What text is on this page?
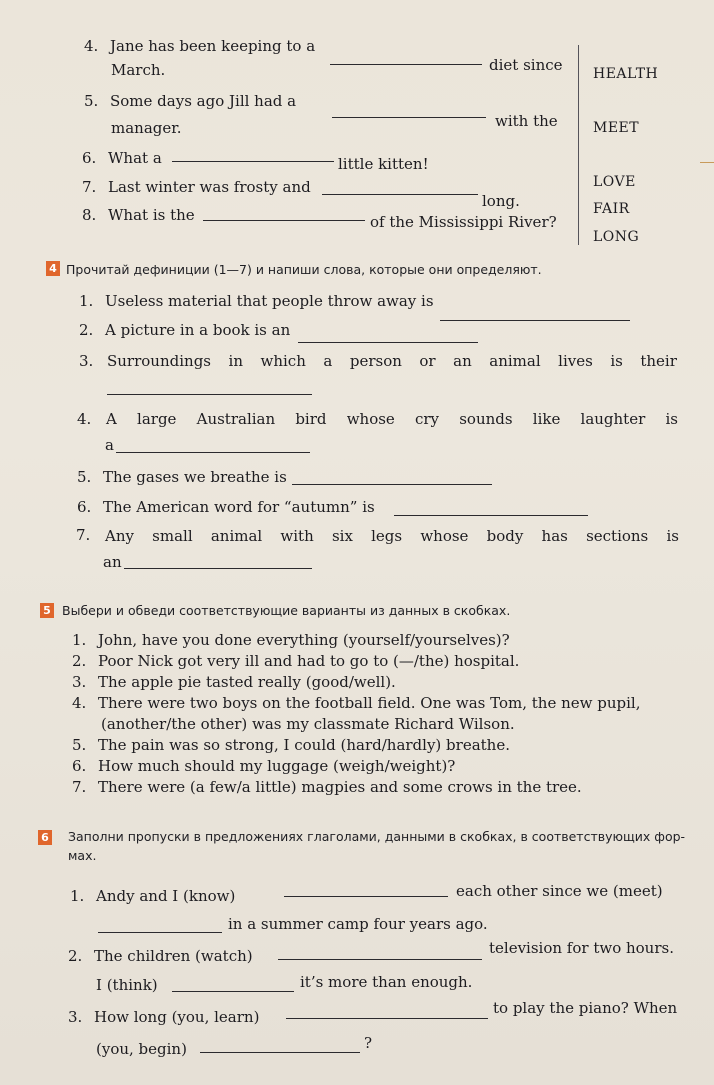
4. Jane has been keeping to a
diet since
March.
5. Some days ago Jill had a
with the
manager.
6. What a	little kitten!
7. Last winter was frosty and
long.
8. What is the	of the Mississippi River?
HEALTH
MEET
LOVE
FAIR
LONG
4 Прочитай дефиниции (1—7) и напиши слова, которые они определяют.
1. Useless material that people throw away is
2. A picture in a book is an
3. Surroundings in which a person or an animal lives is their
4. A large Australian bird whose cry sounds like laughter is
a
5. The gases we breathe is
6. The American word for “autumn” is
7. Any small animal with six legs whose body has sections is
an
5 Выбери и обведи соответствующие варианты из данных в скобках.
1. John, have you done everything (yourself/yourselves)?
2. Poor Nick got very ill and had to go to (—/the) hospital.
3. The apple pie tasted really (good/well).
4. There were two boys on the football field. One was Tom, the new pupil,
(another/the other) was my classmate Richard Wilson.
5. The pain was so strong, I could (hard/hardly) breathe.
6. How much should my luggage (weigh/weight)?
7. There were (a few/a little) magpies and some crows in the tree.
6 Заполни пропуски в предложениях глаголами, данными в скобках, в соответствующих фор-
мах.
1. Andy and I (know)	each other since we (meet)
in a summer camp four years ago.
2. The children (watch)	television for two hours.
I (think)	it’s more than enough.
3. How long (you, learn)	to play the piano? When
(you, begin)	?
